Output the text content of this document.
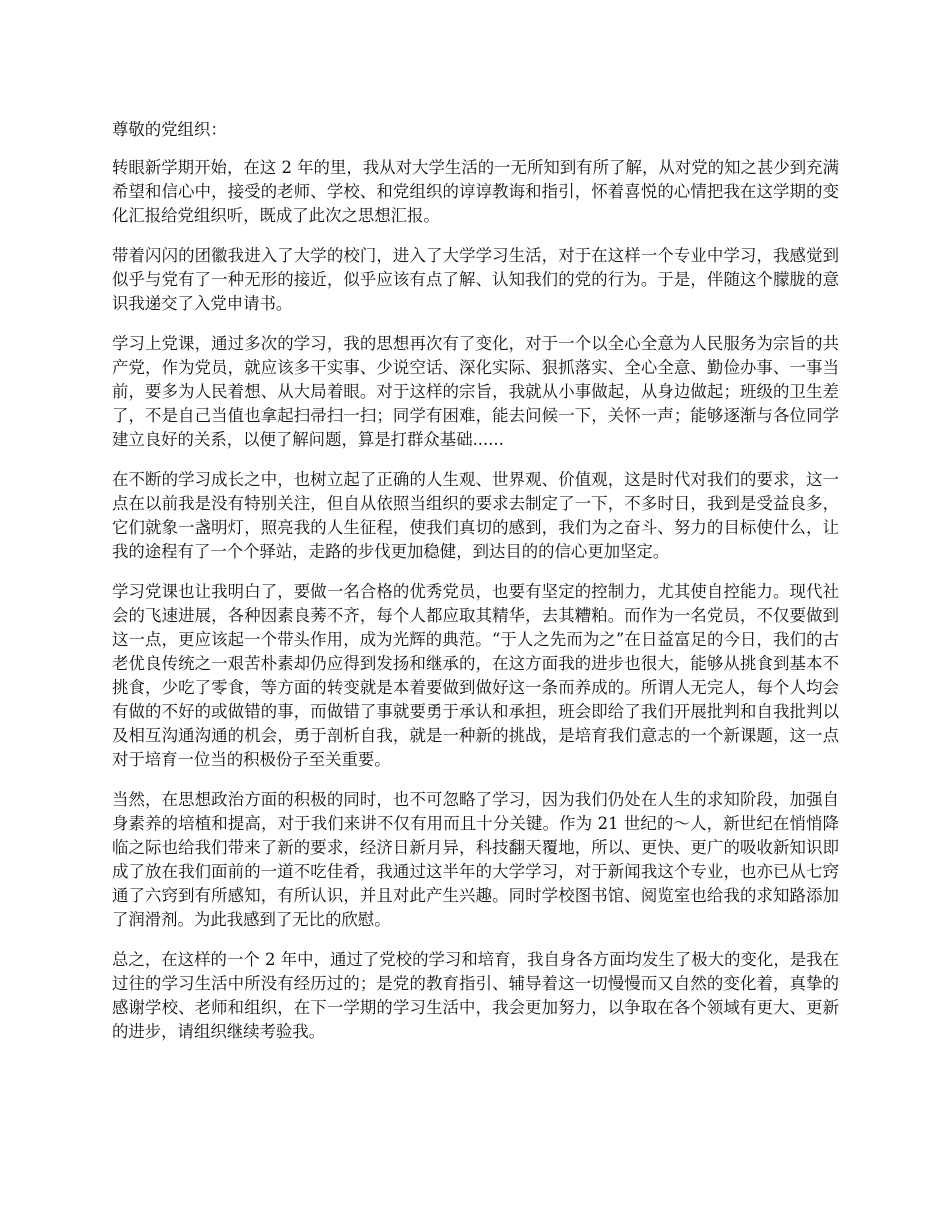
尊敬的党组织：

转眼新学期开始，在这 2 年的里，我从对大学生活的一无所知到有所了解，从对党的知之甚少到充满希望和信心中，接受的老师、学校、和党组织的谆谆教诲和指引，怀着喜悦的心情把我在这学期的变化汇报给党组织听，既成了此次之思想汇报。

带着闪闪的团徽我进入了大学的校门，进入了大学学习生活，对于在这样一个专业中学习，我感觉到似乎与党有了一种无形的接近，似乎应该有点了解、认知我们的党的行为。于是，伴随这个朦胧的意识我递交了入党申请书。

学习上党课，通过多次的学习，我的思想再次有了变化，对于一个以全心全意为人民服务为宗旨的共产党，作为党员，就应该多干实事、少说空话、深化实际、狠抓落实、全心全意、勤俭办事、一事当前，要多为人民着想、从大局着眼。对于这样的宗旨，我就从小事做起，从身边做起；班级的卫生差了，不是自己当值也拿起扫帚扫一扫；同学有困难，能去问候一下，关怀一声；能够逐渐与各位同学建立良好的关系，以便了解问题，算是打群众基础......

在不断的学习成长之中，也树立起了正确的人生观、世界观、价值观，这是时代对我们的要求，这一点在以前我是没有特别关注，但自从依照当组织的要求去制定了一下，不多时日，我到是受益良多，它们就象一盏明灯，照亮我的人生征程，使我们真切的感到，我们为之奋斗、努力的目标使什么，让我的途程有了一个个驿站，走路的步伐更加稳健，到达目的的信心更加坚定。

学习党课也让我明白了，要做一名合格的优秀党员，也要有坚定的控制力，尤其使自控能力。现代社会的飞速进展，各种因素良莠不齐，每个人都应取其精华，去其糟粕。而作为一名党员，不仅要做到这一点，更应该起一个带头作用，成为光辉的典范。“于人之先而为之”在日益富足的今日，我们的古老优良传统之一艰苦朴素却仍应得到发扬和继承的，在这方面我的进步也很大，能够从挑食到基本不挑食，少吃了零食，等方面的转变就是本着要做到做好这一条而养成的。所谓人无完人，每个人均会有做的不好的或做错的事，而做错了事就要勇于承认和承担，班会即给了我们开展批判和自我批判以及相互沟通沟通的机会，勇于剖析自我，就是一种新的挑战，是培育我们意志的一个新课题，这一点对于培育一位当的积极份子至关重要。

当然，在思想政治方面的积极的同时，也不可忽略了学习，因为我们仍处在人生的求知阶段，加强自身素养的培植和提高，对于我们来讲不仅有用而且十分关键。作为 21 世纪的～人，新世纪在悄悄降临之际也给我们带来了新的要求，经济日新月异，科技翻天覆地，所以、更快、更广的吸收新知识即成了放在我们面前的一道不吃佳肴，我通过这半年的大学学习，对于新闻我这个专业，也亦已从七窍通了六窍到有所感知，有所认识，并且对此产生兴趣。同时学校图书馆、阅览室也给我的求知路添加了润滑剂。为此我感到了无比的欣慰。

总之，在这样的一个 2 年中，通过了党校的学习和培育，我自身各方面均发生了极大的变化，是我在过往的学习生活中所没有经历过的；是党的教育指引、辅导着这一切慢慢而又自然的变化着，真挚的感谢学校、老师和组织，在下一学期的学习生活中，我会更加努力，以争取在各个领域有更大、更新的进步，请组织继续考验我。
